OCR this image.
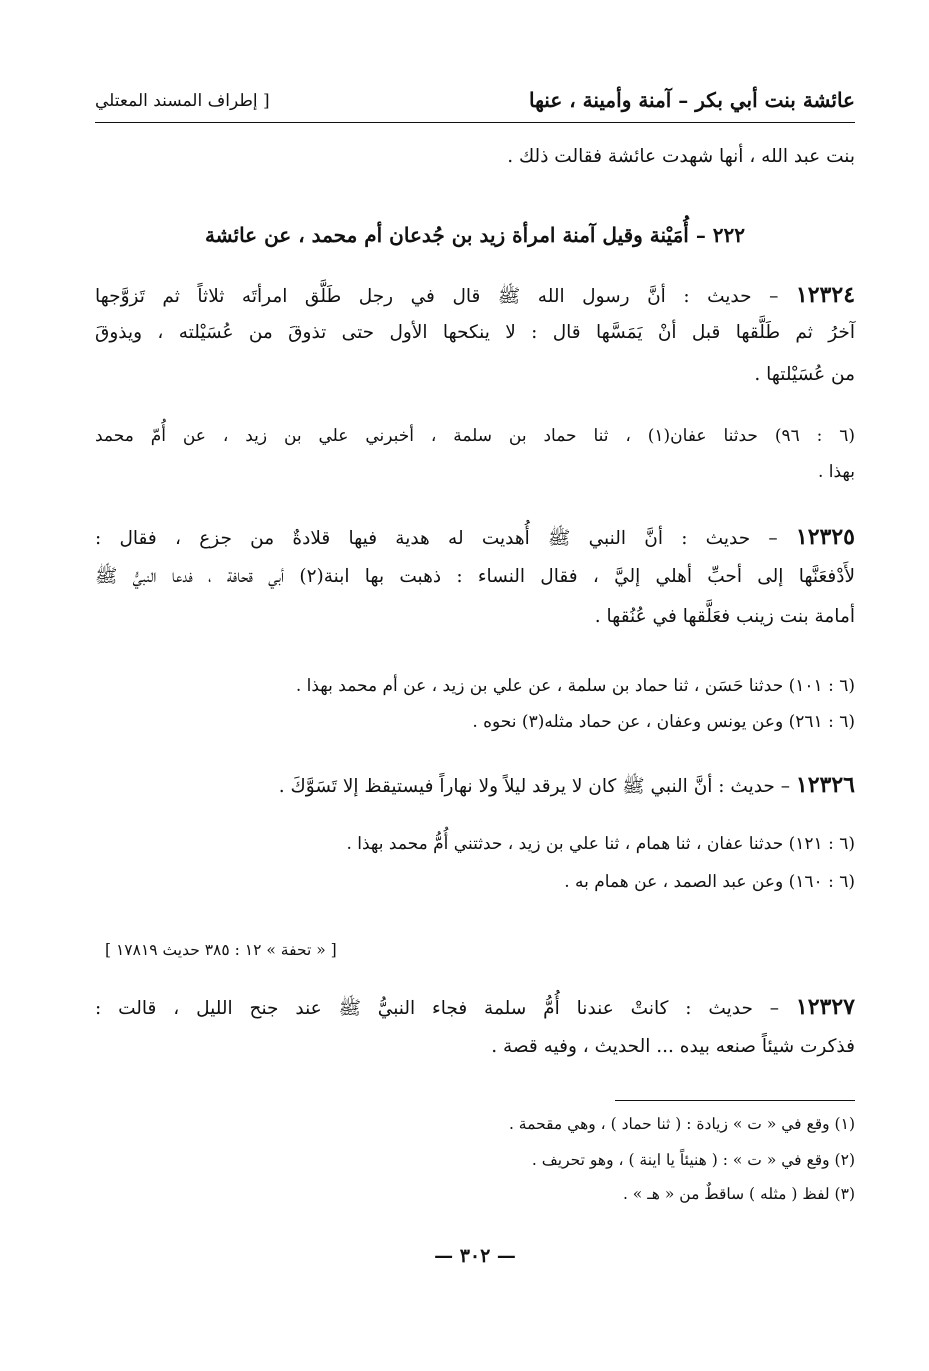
عائشة بنت أبي بكر – آمنة وأمينة ، عنها
[ إطراف المسند المعتلي
بنت عبد الله ، أنها شهدت عائشة فقالت ذلك .
٢٢٢ – أُمَيْنة وقيل آمنة امرأة زيد بن جُدعان أم محمد ، عن عائشة
١٢٣٢٤ – حديث : أنَّ رسول الله ﷺ قال في رجل طَلَّق امرأتَه ثلاثاً ثم تَزوَّجها
آخرُ ثم طَلَّقها قبل أنْ يَمَسَّها قال : لا ينكحها الأول حتى تذوقَ من عُسَيْلته ، ويذوقَ
من عُسَيْلتها .
(٦ : ٩٦) حدثنا عفان(١) ، ثنا حماد بن سلمة ، أخبرني علي بن زيد ، عن أُمّ محمد
بهذا .
١٢٣٢٥ – حديث : أنَّ النبي ﷺ أُهديت له هدية فيها قلادةٌ من جزع ، فقال :
لأَدْفعَنَّها إلى أحبِّ أهلي إليَّ ، فقال النساء : ذهبت بها ابنة(٢) أبي قحافة ، فدعا النبيُّ ﷺ
أمامة بنت زينب فعَلَّقها في عُنُقها .
(٦ : ١٠١) حدثنا حَسَن ، ثنا حماد بن سلمة ، عن علي بن زيد ، عن أم محمد بهذا .
(٦ : ٢٦١) وعن يونس وعفان ، عن حماد مثله(٣) نحوه .
١٢٣٢٦ – حديث : أنَّ النبي ﷺ كان لا يرقد ليلاً ولا نهاراً فيستيقظ إلا تَسَوَّكَ .
(٦ : ١٢١) حدثنا عفان ، ثنا همام ، ثنا علي بن زيد ، حدثتني أُمُّ محمد بهذا .
(٦ : ١٦٠) وعن عبد الصمد ، عن همام به .
[ « تحفة » ١٢ : ٣٨٥ حديث ١٧٨١٩ ]
١٢٣٢٧ – حديث : كانتْ عندنا أُمُّ سلمة فجاء النبيُّ ﷺ عند جنح الليل ، قالت :
فذكرت شيئاً صنعه بيده ... الحديث ، وفيه قصة .
(١) وقع في « ت » زيادة : ( ثنا حماد ) ، وهي مقحمة .
(٢) وقع في « ت » : ( هنيئاً يا اينة ) ، وهو تحريف .
(٣) لفظ ( مثله ) ساقطٌ من « هـ » .
— ٣٠٢ —
